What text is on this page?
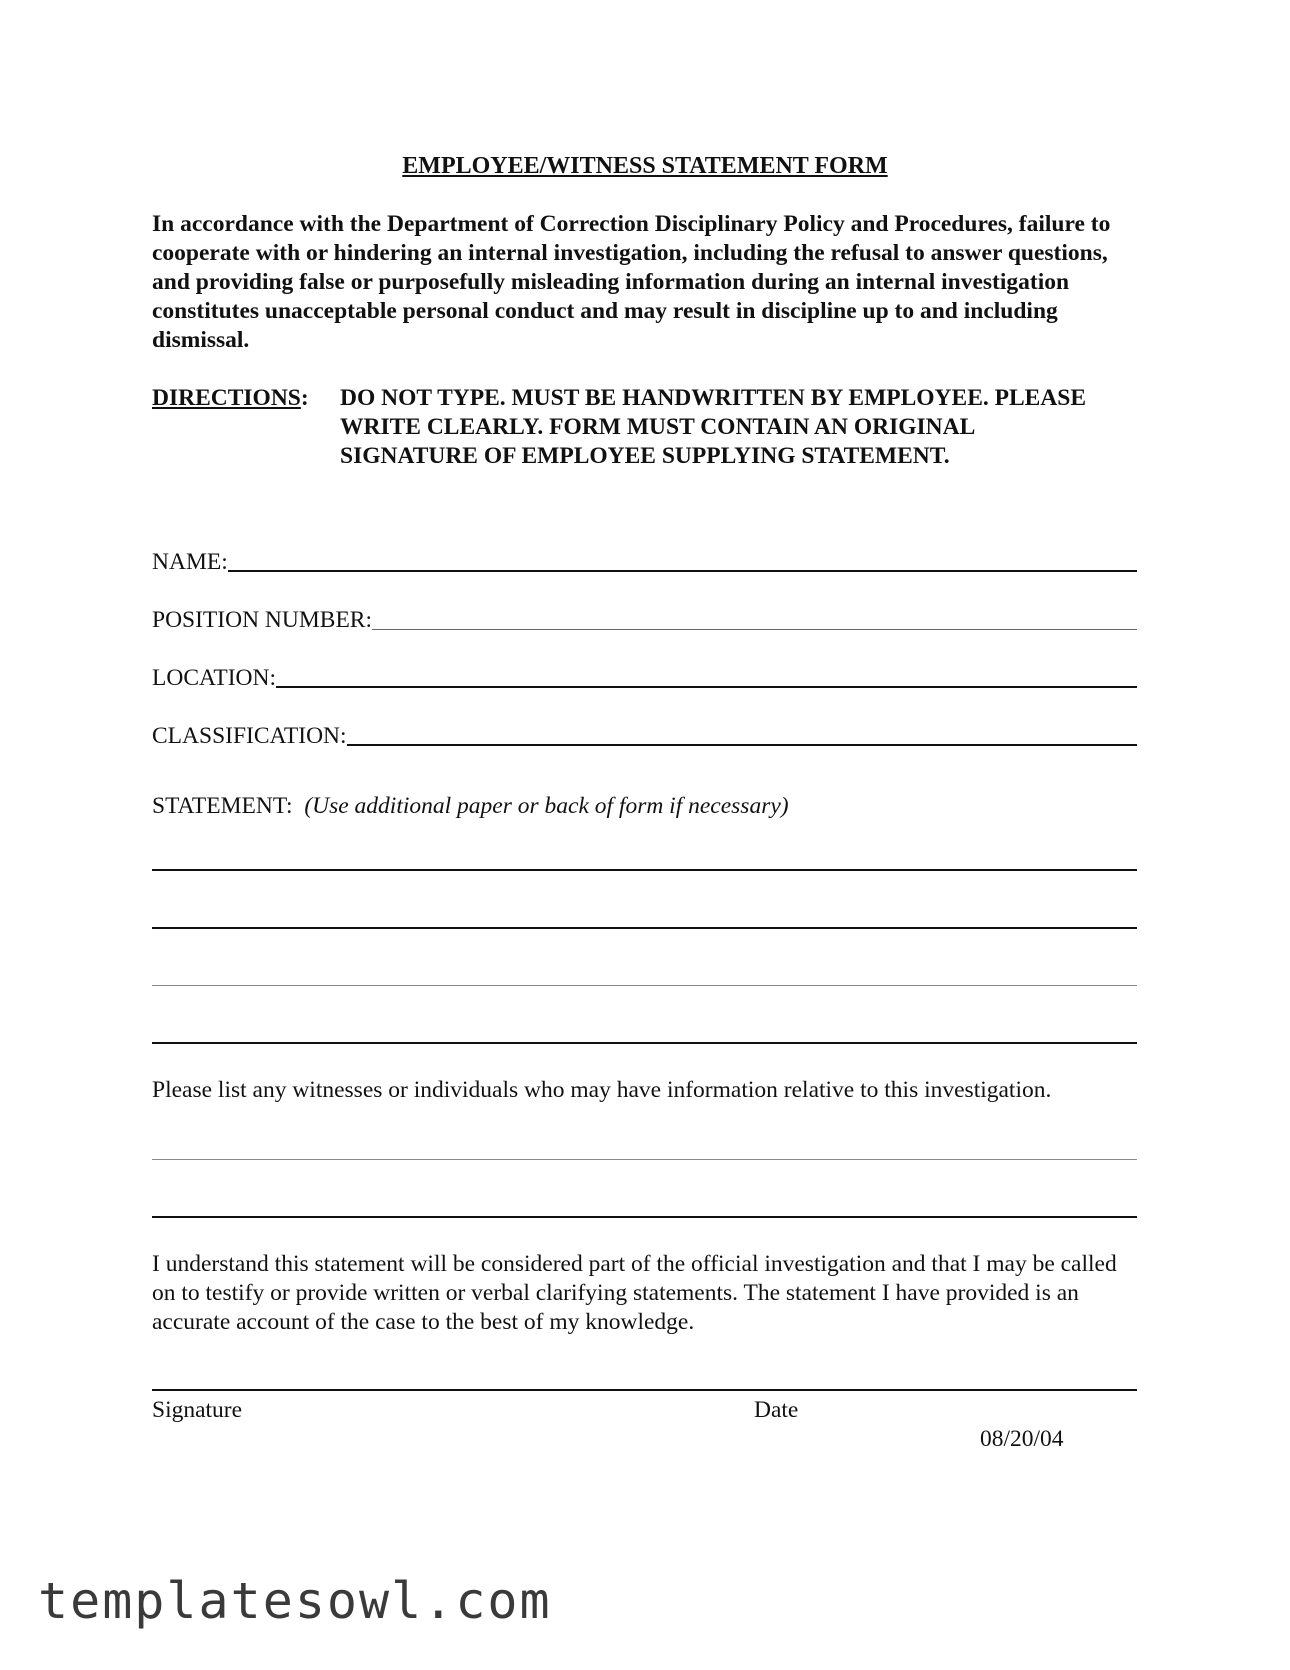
EMPLOYEE/WITNESS STATEMENT FORM
In accordance with the Department of Correction Disciplinary Policy and Procedures, failure to cooperate with or hindering an internal investigation, including the refusal to answer questions, and providing false or purposefully misleading information during an internal investigation constitutes unacceptable personal conduct and may result in discipline up to and including dismissal.
DIRECTIONS: DO NOT TYPE. MUST BE HANDWRITTEN BY EMPLOYEE. PLEASE WRITE CLEARLY. FORM MUST CONTAIN AN ORIGINAL SIGNATURE OF EMPLOYEE SUPPLYING STATEMENT.
NAME:
POSITION NUMBER:
LOCATION:
CLASSIFICATION:
STATEMENT: (Use additional paper or back of form if necessary)
Please list any witnesses or individuals who may have information relative to this investigation.
I understand this statement will be considered part of the official investigation and that I may be called on to testify or provide written or verbal clarifying statements. The statement I have provided is an accurate account of the case to the best of my knowledge.
Signature	Date
08/20/04
templatesowl.com
